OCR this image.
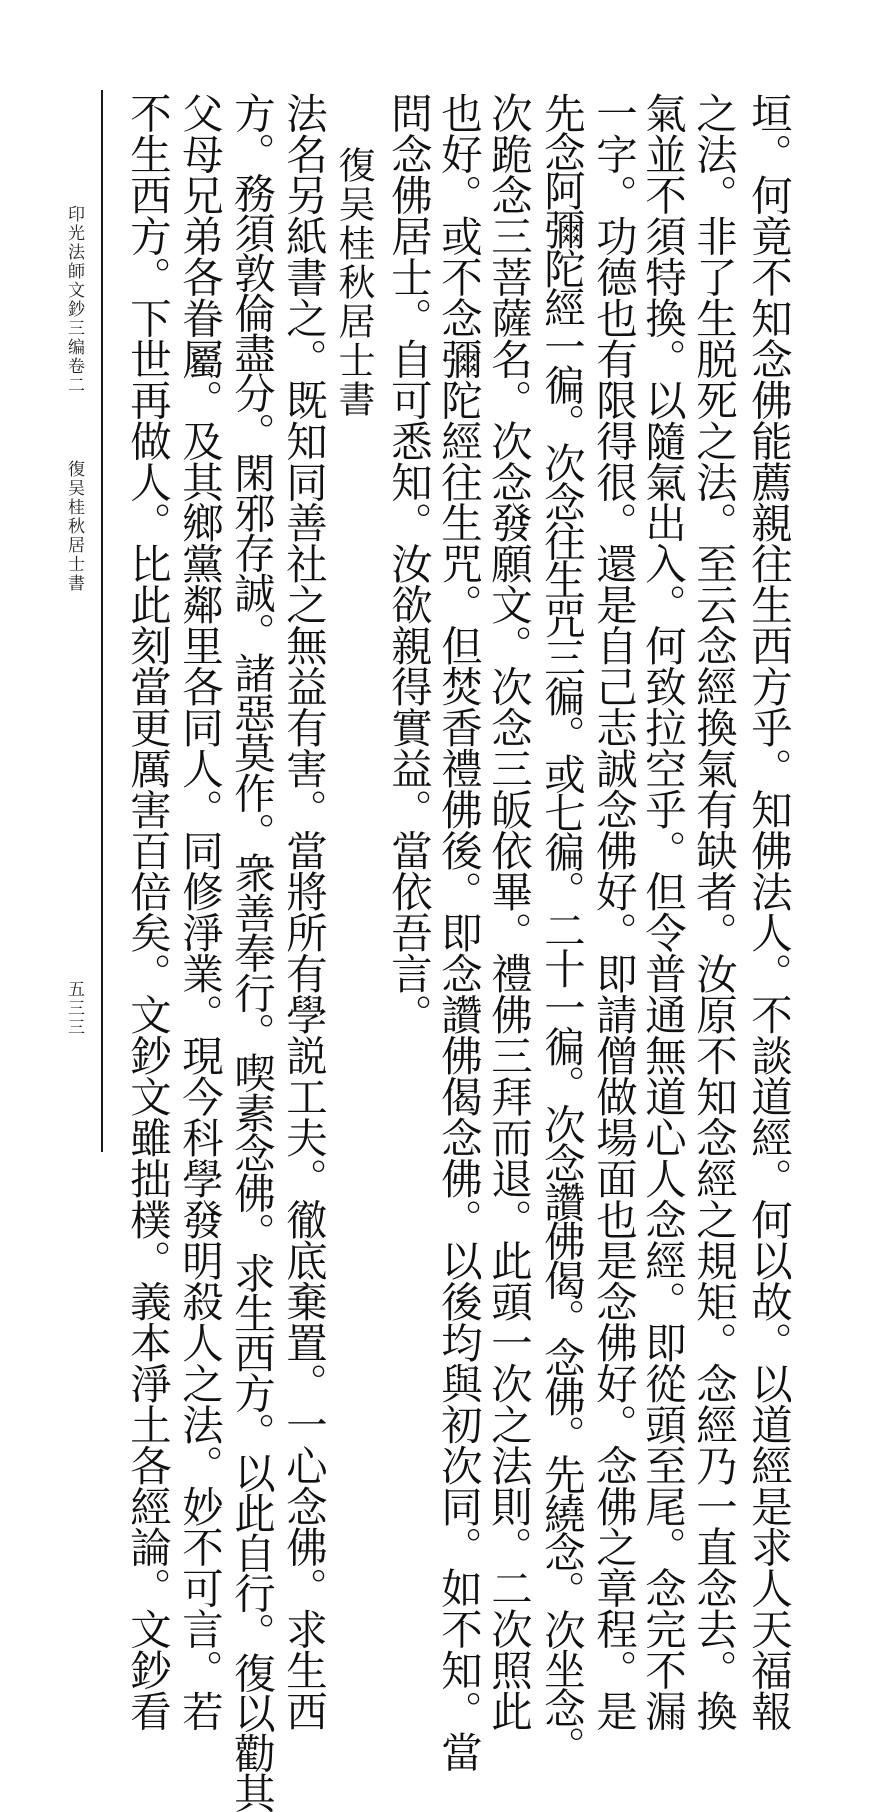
印光法師文鈔三编卷二
復吴桂秋居士書
五三三	垣。何竟不知念佛能薦親往生西方乎。知佛法人。不談道經。何以故。以道經是求人天福報
之法。非了生脱死之法。至云念經換氣有缺者。汝原不知念經之規矩。念經乃一直念去。換
氣並不須特換。以隨氣出入。何致拉空乎。但令普通無道心人念經。即從頭至尾。念完不漏
一字。功德也有限得很。還是自己志誠念佛好。即請僧做場面也是念佛好。念佛之章程。是
先念阿彌陀經一徧。次念往生咒三徧。或七徧。二十一徧。次念讚佛偈。念佛。先繞念。次坐念。
次跪念三菩薩名。次念發願文。次念三皈依畢。禮佛三拜而退。此頭一次之法則。二次照此
也好。或不念彌陀經往生咒。但焚香禮佛後。即念讚佛偈念佛。以後均與初次同。如不知。當
問念佛居士。自可悉知。汝欲親得實益。當依吾言。
復吴桂秋居士書
法名另紙書之。既知同善社之無益有害。當將所有學説工夫。徹底棄置。一心念佛。求生西
方。務須敦倫盡分。閑邪存誠。諸惡莫作。衆善奉行。喫素念佛。求生西方。以此自行。復以勸其
父母兄弟各眷屬。及其鄉黨鄰里各同人。同修淨業。現今科學發明殺人之法。妙不可言。若
不生西方。下世再做人。比此刻當更厲害百倍矣。文鈔文雖拙樸。義本淨土各經論。文鈔看
